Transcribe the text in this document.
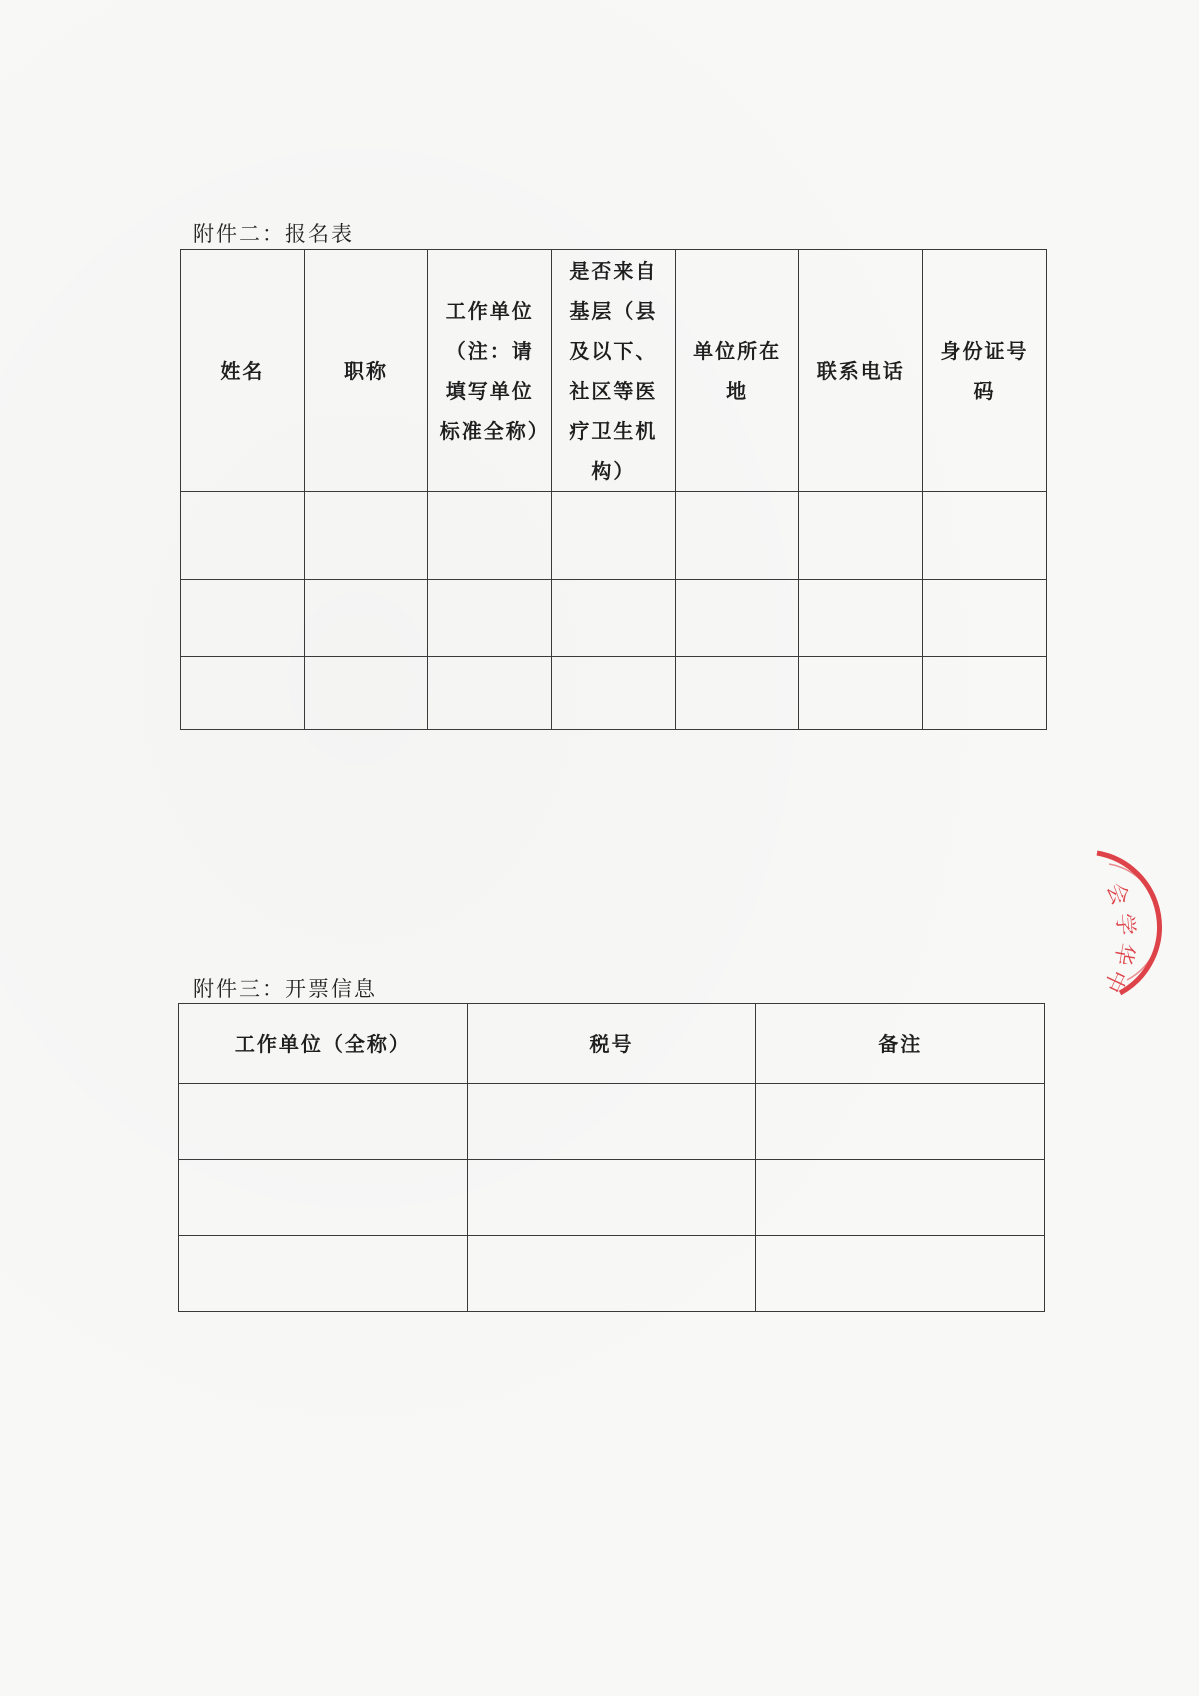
附件二：报名表
姓名	职称	工作单位（注：请填写单位标准全称）	是否来自基层（县及以下、社区等医疗卫生机构）	单位所在地	联系电话	身份证号码

附件三：开票信息
工作单位（全称）	税号	备注

会
学
华
中
